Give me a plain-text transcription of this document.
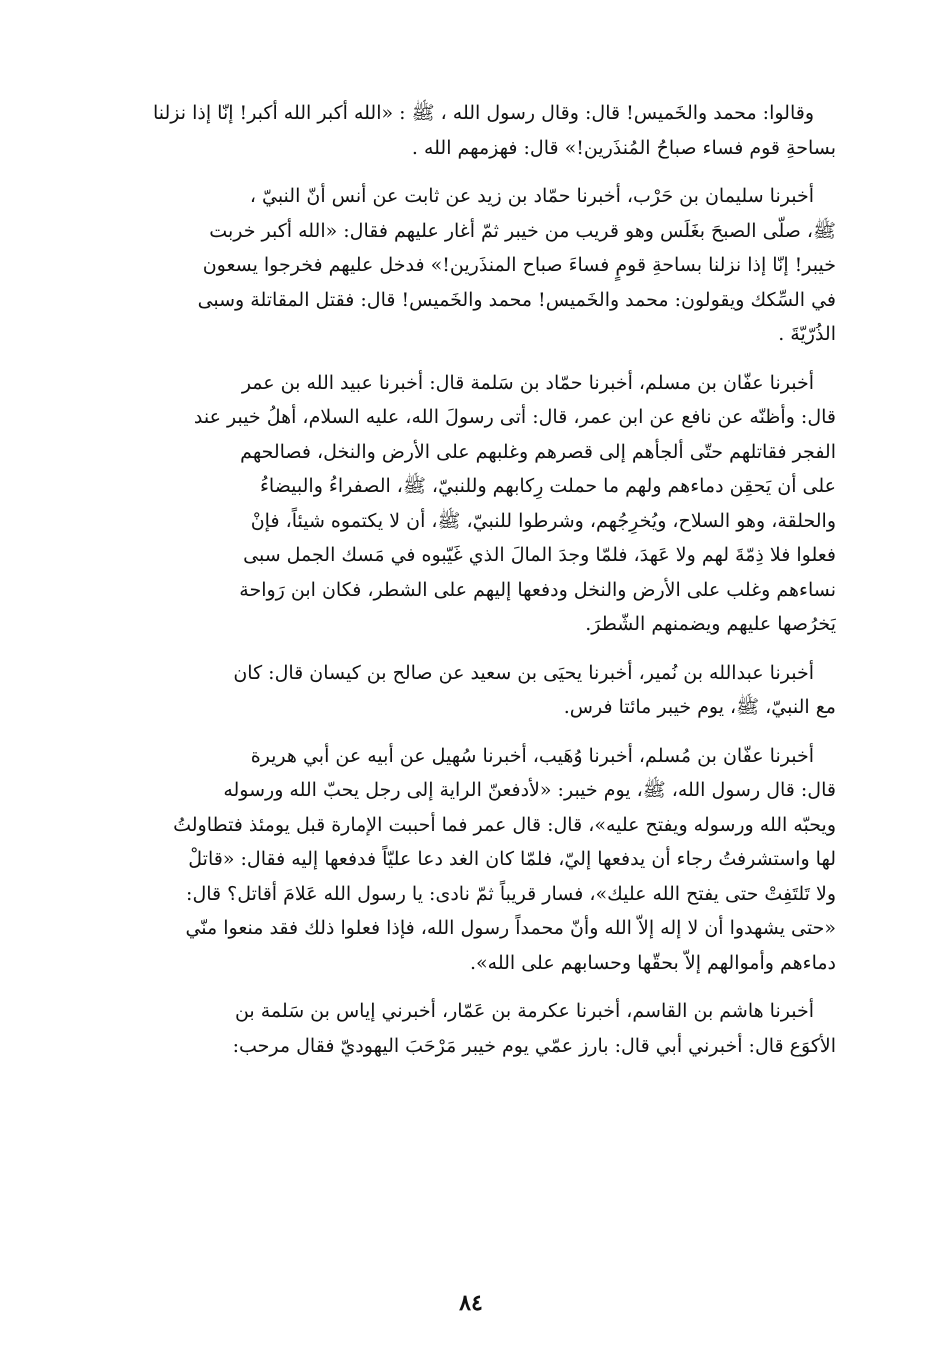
وقالوا: محمد والخَميس! قال: وقال رسول الله ، ﷺ : «الله أكبر الله أكبر! إنّا إذا نزلنا
بساحةِ قوم فساء صباحُ المُنذَرين!» قال: فهزمهم الله .
أخبرنا سليمان بن حَرْب، أخبرنا حمّاد بن زيد عن ثابت عن أنس أنّ النبيّ ،
ﷺ، صلّى الصبحَ بغَلَس وهو قريب من خيبر ثمّ أغار عليهم فقال: «الله أكبر خربت
خيبر! إنّا إذا نزلنا بساحةِ قومٍ فساءَ صباح المنذَرين!» فدخل عليهم فخرجوا يسعون
في السِّكك ويقولون: محمد والخَميس! محمد والخَميس! قال: فقتل المقاتلة وسبى
الذُرّيّةَ .
أخبرنا عفّان بن مسلم، أخبرنا حمّاد بن سَلمة قال: أخبرنا عبيد الله بن عمر
قال: وأظنّه عن نافع عن ابن عمر، قال: أتى رسولَ الله، عليه السلام، أهلُ خيبر عند
الفجر فقاتلهم حتّى ألجأهم إلى قصرهم وغلبهم على الأرض والنخل، فصالحهم
على أن يَحقِن دماءهم ولهم ما حملت رِكابهم وللنبيّ، ﷺ، الصفراءُ والبيضاءُ
والحلقة، وهو السلاح، ويُخرِجُهم، وشرطوا للنبيّ، ﷺ، أن لا يكتموه شيئاً، فإنْ
فعلوا فلا ذِمّةَ لهم ولا عَهدَ، فلمّا وجدَ المالَ الذي غَيّبوه في مَسك الجمل سبى
نساءهم وغلب على الأرض والنخل ودفعها إليهم على الشطر، فكان ابن رَواحة
يَخرُصها عليهم ويضمنهم الشّطرَ.
أخبرنا عبدالله بن نُمير، أخبرنا يحيَى بن سعيد عن صالح بن كيسان قال: كان
مع النبيّ، ﷺ، يوم خيبر مائتا فرس.
أخبرنا عفّان بن مُسلم، أخبرنا وُهَيب، أخبرنا سُهيل عن أبيه عن أبي هريرة
قال: قال رسول الله، ﷺ، يوم خيبر: «لأدفعنّ الراية إلى رجل يحبّ الله ورسوله
ويحبّه الله ورسوله ويفتح عليه»، قال: قال عمر فما أحببت الإمارة قبل يومئذ فتطاولتُ
لها واستشرفتُ رجاء أن يدفعها إليّ، فلمّا كان الغد دعا عليّاً فدفعها إليه فقال: «قاتلْ
ولا تَلتَفِتْ حتى يفتح الله عليك»، فسار قريباً ثمّ نادى: يا رسول الله عَلامَ أقاتل؟ قال:
«حتى يشهدوا أن لا إله إلاّ الله وأنّ محمداً رسول الله، فإذا فعلوا ذلك فقد منعوا منّي
دماءهم وأموالهم إلاّ بحقّها وحسابهم على الله».
أخبرنا هاشم بن القاسم، أخبرنا عكرمة بن عَمّار، أخبرني إياس بن سَلمة بن
الأكوَع قال: أخبرني أبي قال: بارز عمّي يوم خيبر مَرْحَبَ اليهوديّ فقال مرحب:
٨٤
